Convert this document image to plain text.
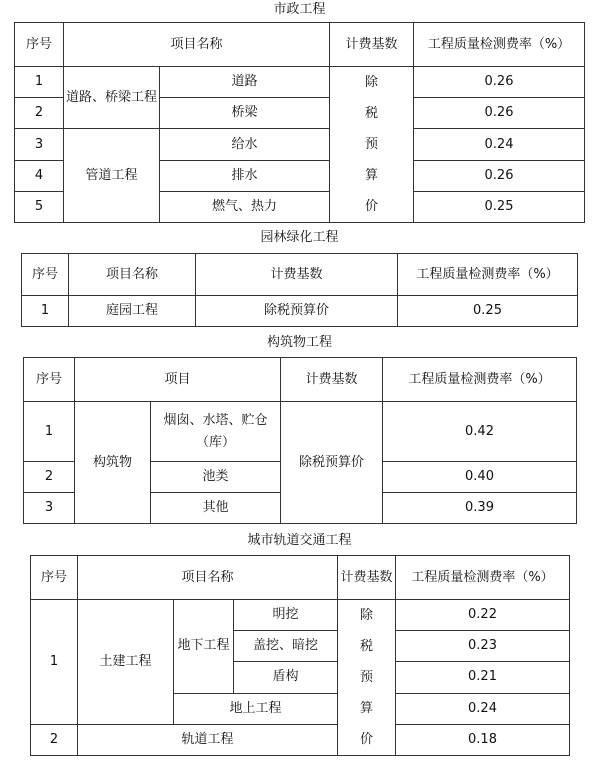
市政工程
序号	项目名称		计费基数	工程质量检测费率（%）
1	道路、桥梁工程	道路	除
税
预
算
价	0.26
2		桥梁		0.26
3	管道工程	给水		0.24
4		排水		0.26
5		燃气、热力		0.25
园林绿化工程
序号	项目名称	计费基数	工程质量检测费率（%）
1	庭园工程	除税预算价	0.25
构筑物工程
序号	项目		计费基数	工程质量检测费率（%）
1	构筑物	烟囱、水塔、贮仓
（库）	除税预算价	0.42
2		池类		0.40
3		其他		0.39
城市轨道交通工程
序号	项目名称			计费基数	工程质量检测费率（%）
1	土建工程	地下工程	明挖	除
税
预
算
价	0.22
			盖挖、暗挖		0.23
			盾构		0.21
		地上工程			0.24
2	轨道工程				0.18
